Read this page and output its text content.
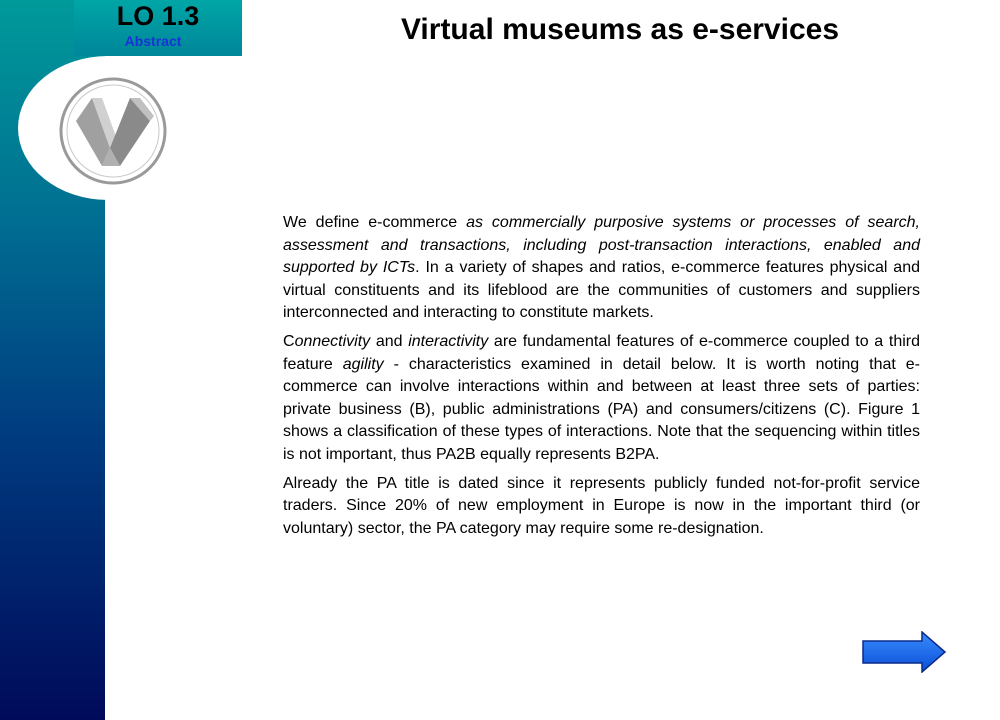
LO 1.3
Abstract	Virtual museums as e-services

We define e-commerce as commercially purposive systems or processes of search, assessment and transactions, including post-transaction interactions, enabled and supported by ICTs. In a variety of shapes and ratios, e-commerce features physical and virtual constituents and its lifeblood are the communities of customers and suppliers interconnected and interacting to constitute markets.

Connectivity and interactivity are fundamental features of e-commerce coupled to a third feature agility - characteristics examined in detail below. It is worth noting that e-commerce can involve interactions within and between at least three sets of parties: private business (B), public administrations (PA) and consumers/citizens (C). Figure 1 shows a classification of these types of interactions. Note that the sequencing within titles is not important, thus PA2B equally represents B2PA.

Already the PA title is dated since it represents publicly funded not-for-profit service traders. Since 20% of new employment in Europe is now in the important third (or voluntary) sector, the PA category may require some re-designation.
